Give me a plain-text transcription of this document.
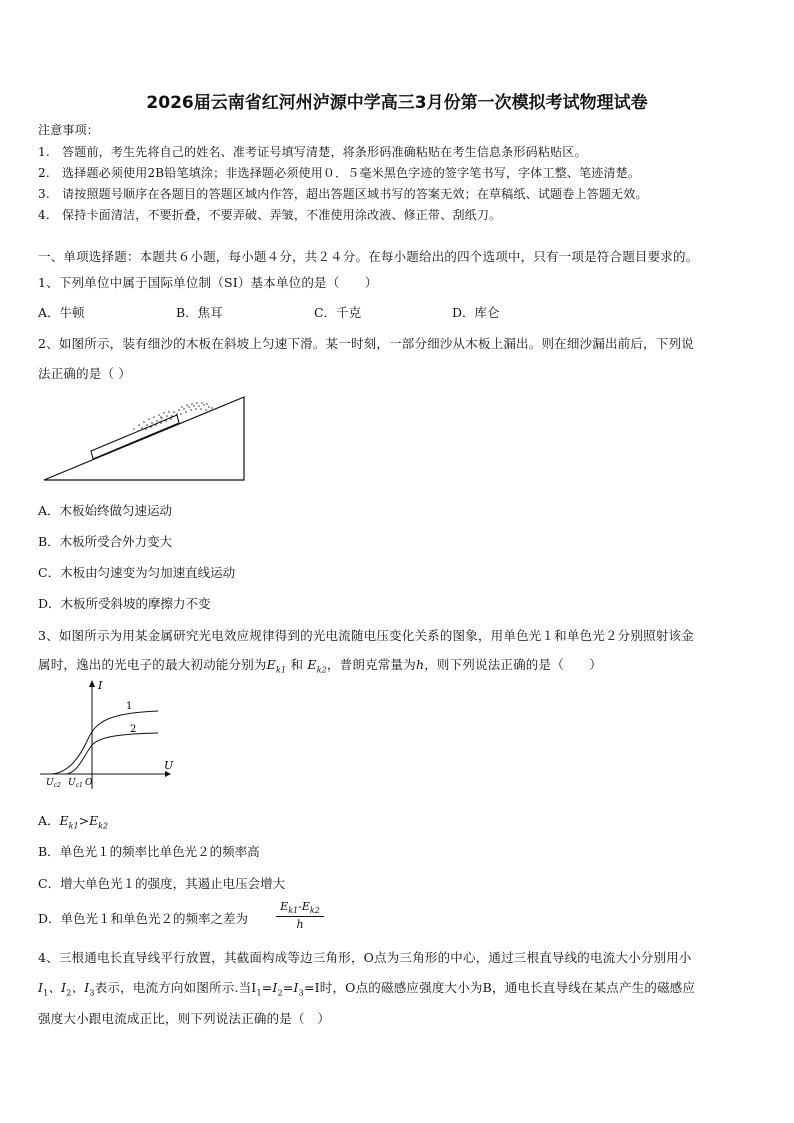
2026届云南省红河州泸源中学高三3月份第一次模拟考试物理试卷
注意事项：
1.　答题前，考生先将自己的姓名、准考证号填写清楚，将条形码准确粘贴在考生信息条形码粘贴区。
2.　选择题必须使用2B铅笔填涂；非选择题必须使用０．５毫米黑色字迹的签字笔书写，字体工整、笔迹清楚。
3.　请按照题号顺序在各题目的答题区域内作答，超出答题区域书写的答案无效；在草稿纸、试题卷上答题无效。
4.　保持卡面清洁，不要折叠，不要弄破、弄皱，不准使用涂改液、修正带、刮纸刀。
一、单项选择题：本题共６小题，每小题４分，共２４分。在每小题给出的四个选项中，只有一项是符合题目要求的。
1、下列单位中属于国际单位制（SI）基本单位的是（　　）
A．牛顿	B．焦耳	C．千克	D．库仑
2、如图所示，装有细沙的木板在斜坡上匀速下滑。某一时刻，一部分细沙从木板上漏出。则在细沙漏出前后，下列说
法正确的是（ ）
A．木板始终做匀速运动
B．木板所受合外力变大
C．木板由匀速变为匀加速直线运动
D．木板所受斜坡的摩擦力不变
3、如图所示为用某金属研究光电效应规律得到的光电流随电压变化关系的图象，用单色光１和单色光２分别照射该金
属时，逸出的光电子的最大初动能分别为$E_{k1}$ 和 $E_{k2}$，普朗克常量为h，则下列说法正确的是（　　）
I
U
O
1
2
$U_{c2}$ $U_{c1}$
A．$E_{k1}>E_{k2}$
B．单色光１的频率比单色光２的频率高
C．增大单色光１的强度，其遏止电压会增大
D．单色光１和单色光２的频率之差为
$E_{k1}-E_{k2}$
h
4、三根通电长直导线平行放置，其截面构成等边三角形，O点为三角形的中心，通过三根直导线的电流大小分别用小
$I_1$、$I_2$、$I_3$表示，电流方向如图所示.当$I_1=I_2=I_3=I$时，O点的磁感应强度大小为B，通电长直导线在某点产生的磁感应
强度大小跟电流成正比，则下列说法正确的是（　）
